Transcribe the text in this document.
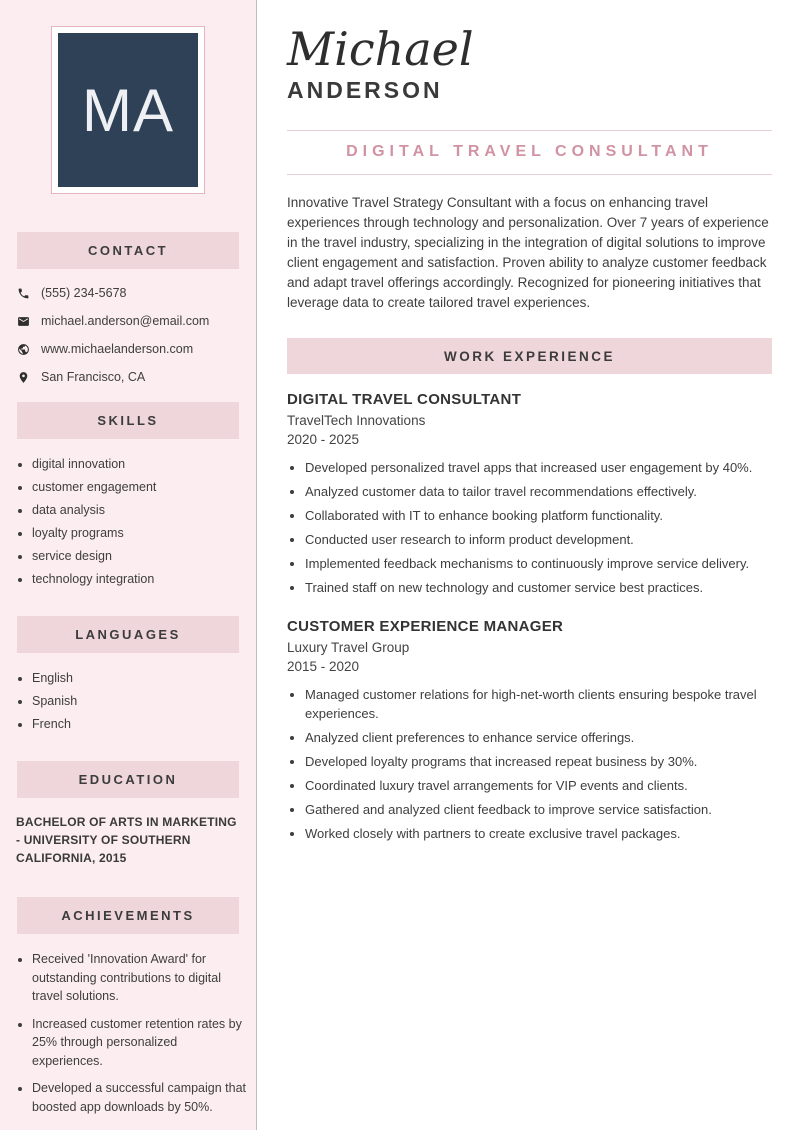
MA
CONTACT
(555) 234-5678
michael.anderson@email.com
www.michaelanderson.com
San Francisco, CA
SKILLS
• digital innovation
• customer engagement
• data analysis
• loyalty programs
• service design
• technology integration
LANGUAGES
• English
• Spanish
• French
EDUCATION

BACHELOR OF ARTS IN MARKETING - UNIVERSITY OF SOUTHERN CALIFORNIA, 2015

ACHIEVEMENTS
• Received 'Innovation Award' for outstanding contributions to digital travel solutions.
• Increased customer retention rates by 25% through personalized experiences.
• Developed a successful campaign that boosted app downloads by 50%.
Michael
ANDERSON
DIGITAL TRAVEL CONSULTANT

Innovative Travel Strategy Consultant with a focus on enhancing travel experiences through technology and personalization. Over 7 years of experience in the travel industry, specializing in the integration of digital solutions to improve client engagement and satisfaction. Proven ability to analyze customer feedback and adapt travel offerings accordingly. Recognized for pioneering initiatives that leverage data to create tailored travel experiences.

WORK EXPERIENCE
DIGITAL TRAVEL CONSULTANT
TravelTech Innovations
2020 - 2025
• Developed personalized travel apps that increased user engagement by 40%.
• Analyzed customer data to tailor travel recommendations effectively.
• Collaborated with IT to enhance booking platform functionality.
• Conducted user research to inform product development.
• Implemented feedback mechanisms to continuously improve service delivery.
• Trained staff on new technology and customer service best practices.
CUSTOMER EXPERIENCE MANAGER
Luxury Travel Group
2015 - 2020
• Managed customer relations for high-net-worth clients ensuring bespoke travel experiences.
• Analyzed client preferences to enhance service offerings.
• Developed loyalty programs that increased repeat business by 30%.
• Coordinated luxury travel arrangements for VIP events and clients.
• Gathered and analyzed client feedback to improve service satisfaction.
• Worked closely with partners to create exclusive travel packages.
